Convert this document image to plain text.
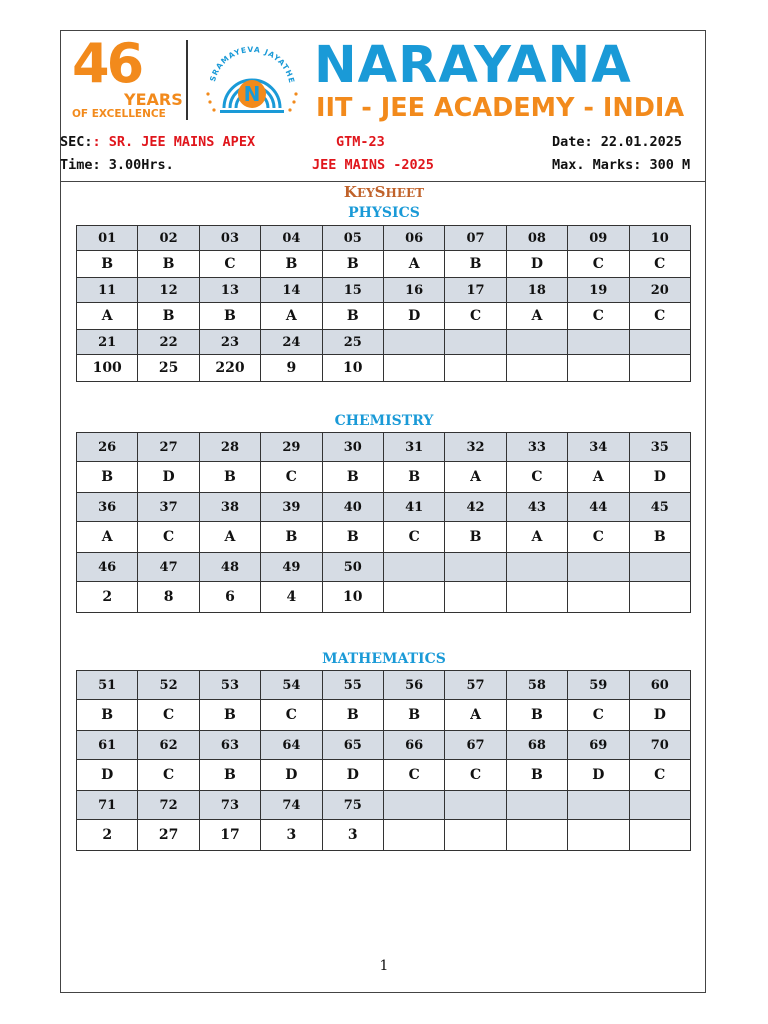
46
YEARS
OF EXCELLENCE
SRAMAYEVA JAYATHE
N NARAYANA
IIT - JEE ACADEMY - INDIA
SEC:: SR. JEE MAINS APEX	GTM-23	Date: 22.01.2025
Time: 3.00Hrs.	JEE MAINS -2025	Max. Marks: 300 M
KEYSHEET
PHYSICS
01	02	03	04	05	06	07	08	09	10
B	B	C	B	B	A	B	D	C	C
11	12	13	14	15	16	17	18	19	20
A	B	B	A	B	D	C	A	C	C
21	22	23	24	25					
100	25	220	9	10					
CHEMISTRY
26	27	28	29	30	31	32	33	34	35
B	D	B	C	B	B	A	C	A	D
36	37	38	39	40	41	42	43	44	45
A	C	A	B	B	C	B	A	C	B
46	47	48	49	50					
2	8	6	4	10					
MATHEMATICS
51	52	53	54	55	56	57	58	59	60
B	C	B	C	B	B	A	B	C	D
61	62	63	64	65	66	67	68	69	70
D	C	B	D	D	C	C	B	D	C
71	72	73	74	75					
2	27	17	3	3					
1
